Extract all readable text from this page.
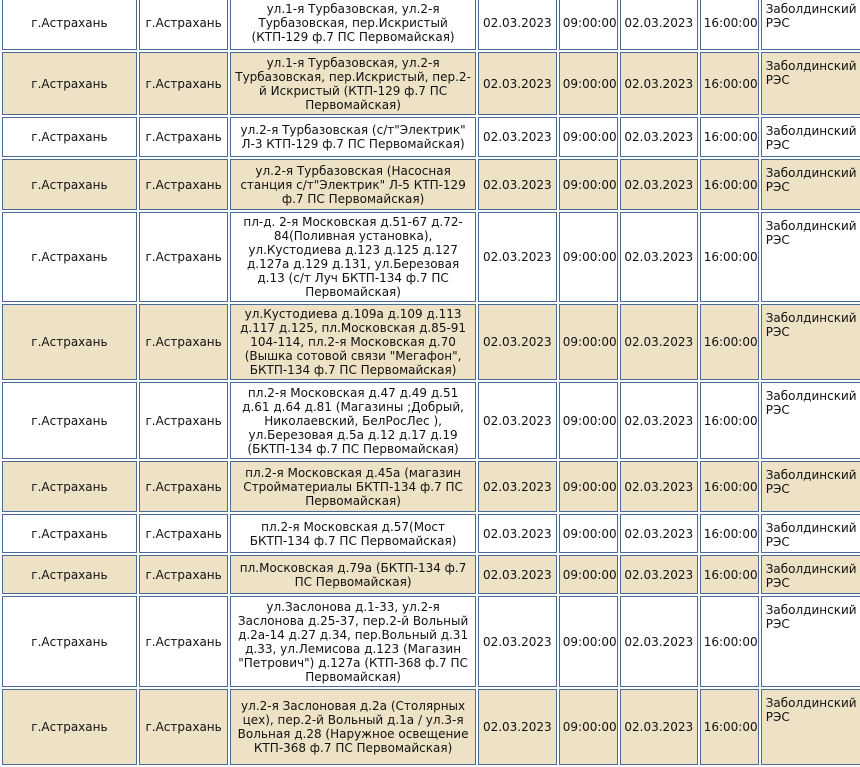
г.Астрахань	г.Астрахань	ул.1-я Турбазовская, ул.2-я Турбазовская, пер.Искристый (КТП-129 ф.7 ПС Первомайская)	02.03.2023	09:00:00	02.03.2023	16:00:00	Заболдинский РЭС
г.Астрахань	г.Астрахань	ул.1-я Турбазовская, ул.2-я Турбазовская, пер.Искристый, пер.2-й Искристый (КТП-129 ф.7 ПС Первомайская)	02.03.2023	09:00:00	02.03.2023	16:00:00	Заболдинский РЭС
г.Астрахань	г.Астрахань	ул.2-я Турбазовская (с/т"Электрик" Л-3 КТП-129 ф.7 ПС Первомайская)	02.03.2023	09:00:00	02.03.2023	16:00:00	Заболдинский РЭС
г.Астрахань	г.Астрахань	ул.2-я Турбазовская (Насосная станция с/т"Электрик" Л-5 КТП-129 ф.7 ПС Первомайская)	02.03.2023	09:00:00	02.03.2023	16:00:00	Заболдинский РЭС
г.Астрахань	г.Астрахань	пл-д. 2-я Московская д.51-67 д.72-84(Поливная установка), ул.Кустодиева д.123 д.125 д.127 д.127а д.129 д.131, ул.Березовая д.13 (с/т Луч БКТП-134 ф.7 ПС Первомайская)	02.03.2023	09:00:00	02.03.2023	16:00:00	Заболдинский РЭС
г.Астрахань	г.Астрахань	ул.Кустодиева д.109а д.109 д.113 д.117 д.125, пл.Московская д.85-91 104-114, пл.2-я Московская д.70 (Вышка сотовой связи "Мегафон", БКТП-134 ф.7 ПС Первомайская)	02.03.2023	09:00:00	02.03.2023	16:00:00	Заболдинский РЭС
г.Астрахань	г.Астрахань	пл.2-я Московская д.47 д.49 д.51 д.61 д.64 д.81 (Магазины ;Добрый, Николаевский, БелРосЛес ), ул.Березовая д.5а д.12 д.17 д.19 (БКТП-134 ф.7 ПС Первомайская)	02.03.2023	09:00:00	02.03.2023	16:00:00	Заболдинский РЭС
г.Астрахань	г.Астрахань	пл.2-я Московская д.45а (магазин Стройматериалы БКТП-134 ф.7 ПС Первомайская)	02.03.2023	09:00:00	02.03.2023	16:00:00	Заболдинский РЭС
г.Астрахань	г.Астрахань	пл.2-я Московская д.57(Мост БКТП-134 ф.7 ПС Первомайская)	02.03.2023	09:00:00	02.03.2023	16:00:00	Заболдинский РЭС
г.Астрахань	г.Астрахань	пл.Московская д.79а (БКТП-134 ф.7 ПС Первомайская)	02.03.2023	09:00:00	02.03.2023	16:00:00	Заболдинский РЭС
г.Астрахань	г.Астрахань	ул.Заслонова д.1-33, ул.2-я Заслонова д.25-37, пер.2-й Вольный д.2а-14 д.27 д.34, пер.Вольный д.31 д.33, ул.Лемисова д.123 (Магазин "Петрович") д.127а (КТП-368 ф.7 ПС Первомайская)	02.03.2023	09:00:00	02.03.2023	16:00:00	Заболдинский РЭС
г.Астрахань	г.Астрахань	ул.2-я Заслоновая д.2а (Столярных цех), пер.2-й Вольный д.1а / ул.3-я Вольная д.28 (Наружное освещение КТП-368 ф.7 ПС Первомайская)	02.03.2023	09:00:00	02.03.2023	16:00:00	Заболдинский РЭС
